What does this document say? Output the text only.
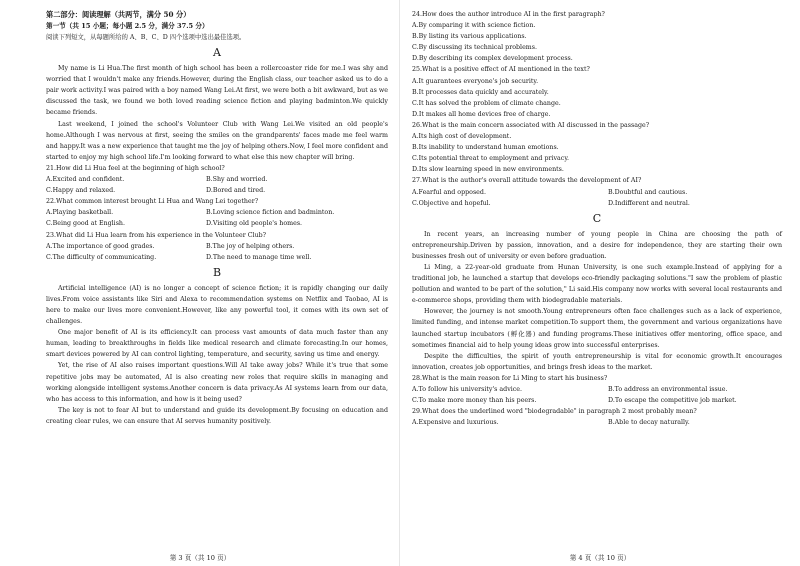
第二部分：阅读理解（共两节，满分 50 分）
第一节（共 15 小题；每小题 2.5 分，满分 37.5 分）
阅读下列短文，从每题所给的 A、B、C、D 四个选项中选出最佳选项。
A

My name is Li Hua.The first month of high school has been a rollercoaster ride for me.I was shy and worried that I wouldn't make any friends.However, during the English class, our teacher asked us to do a pair work activity.I was paired with a boy named Wang Lei.At first, we were both a bit awkward, but as we discussed the task, we found we both loved reading science fiction and playing badminton.We quickly became friends.

Last weekend, I joined the school's Volunteer Club with Wang Lei.We visited an old people's home.Although I was nervous at first, seeing the smiles on the grandparents' faces made me feel warm and happy.It was a new experience that taught me the joy of helping others.Now, I feel more confident and started to enjoy my high school life.I'm looking forward to what else this new chapter will bring.

21.How did Li Hua feel at the beginning of high school?
A.Excited and confident.	B.Shy and worried.
C.Happy and relaxed.	D.Bored and tired.
22.What common interest brought Li Hua and Wang Lei together?
A.Playing basketball.	B.Loving science fiction and badminton.
C.Being good at English.	D.Visiting old people's homes.
23.What did Li Hua learn from his experience in the Volunteer Club?
A.The importance of good grades.	B.The joy of helping others.
C.The difficulty of communicating.	D.The need to manage time well.
B

Artificial intelligence (AI) is no longer a concept of science fiction; it is rapidly changing our daily lives.From voice assistants like Siri and Alexa to recommendation systems on Netflix and Taobao, AI is here to make our lives more convenient.However, like any powerful tool, it comes with its own set of challenges.

One major benefit of AI is its efficiency.It can process vast amounts of data much faster than any human, leading to breakthroughs in fields like medical research and climate forecasting.In our homes, smart devices powered by AI can control lighting, temperature, and security, saving us time and energy.

Yet, the rise of AI also raises important questions.Will AI take away jobs? While it's true that some repetitive jobs may be automated, AI is also creating new roles that require skills in managing and working alongside intelligent systems.Another concern is data privacy.As AI systems learn from our data, who has access to this information, and how is it being used?

The key is not to fear AI but to understand and guide its development.By focusing on education and creating clear rules, we can ensure that AI serves humanity positively.

第 3 页（共 10 页）
24.How does the author introduce AI in the first paragraph?
A.By comparing it with science fiction.
B.By listing its various applications.
C.By discussing its technical problems.
D.By describing its complex development process.
25.What is a positive effect of AI mentioned in the text?
A.It guarantees everyone's job security.
B.It processes data quickly and accurately.
C.It has solved the problem of climate change.
D.It makes all home devices free of charge.
26.What is the main concern associated with AI discussed in the passage?
A.Its high cost of development.
B.Its inability to understand human emotions.
C.Its potential threat to employment and privacy.
D.Its slow learning speed in new environments.
27.What is the author's overall attitude towards the development of AI?
A.Fearful and opposed.	B.Doubtful and cautious.
C.Objective and hopeful.	D.Indifferent and neutral.
C

In recent years, an increasing number of young people in China are choosing the path of entrepreneurship.Driven by passion, innovation, and a desire for independence, they are starting their own businesses fresh out of university or even before graduation.

Li Ming, a 22-year-old graduate from Hunan University, is one such example.Instead of applying for a traditional job, he launched a startup that develops eco-friendly packaging solutions."I saw the problem of plastic pollution and wanted to be part of the solution," Li said.His company now works with several local restaurants and e-commerce shops, providing them with biodegradable materials.

However, the journey is not smooth.Young entrepreneurs often face challenges such as a lack of experience, limited funding, and intense market competition.To support them, the government and various organizations have launched startup incubators (孵化器) and funding programs.These initiatives offer mentoring, office space, and sometimes financial aid to help young ideas grow into successful enterprises.

Despite the difficulties, the spirit of youth entrepreneurship is vital for economic growth.It encourages innovation, creates job opportunities, and brings fresh ideas to the market.

28.What is the main reason for Li Ming to start his business?
A.To follow his university's advice.	B.To address an environmental issue.
C.To make more money than his peers.	D.To escape the competitive job market.
29.What does the underlined word "biodegradable" in paragraph 2 most probably mean?
A.Expensive and luxurious.	B.Able to decay naturally.
第 4 页（共 10 页）
